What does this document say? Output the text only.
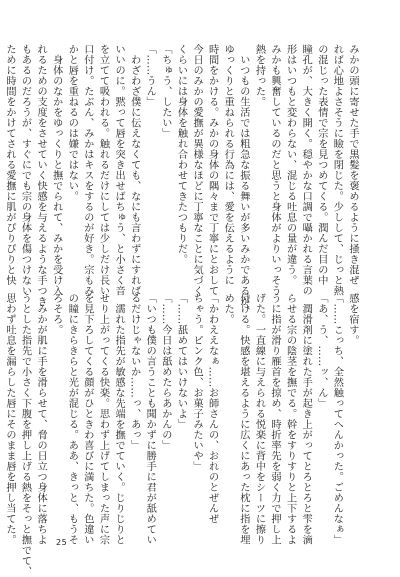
みかの頭に寄せた手で黒髪を褒めるように掻き混ぜ
れば心地よさそうに瞼を閉じた。少しして、じっと熱
の混じった表情で宗を見つめてくる。潤んだ目の中
瞳孔が、大きく開く。穏やかな口調で囁かれる言葉の
形はいつもと変わらない、混じる吐息の量が違う。
みかも興奮しているのだと思うと身体がよりいっそう
熱を持った。
　いつもの生活では粗急な振る舞いが多いみかであるが、
ゆっくりと重ねられる行為には、愛を伝えるように
時間をかける。みかの身体の隅々まで丁寧にとおして
今日のみかの愛撫が異様なほどに丁寧なことに気づく
くらいには身体を触れ合わせてきたつもりだ。
「ちゅう、したい」
「……うん」
　わざわざ僕に伝えなくても、なにも言わずにすれば
いいのに。黙って唇を突き出せばちゅう、と小さく音
を立てて吸われる。触れるだけにしては少しだけ長い
口付け。たぶん、みかはキスをするのが好き。宗もみ
かと唇を重ねるのは嫌ではない。
　身体のなかをゆっくりと撫でられて、みかを受け入
れるための支度をさせていく快感を与えるような手つき
もあるのだろうが、すぐにでも宗の身体を傷つけない
ために時間をかけてされる愛撫に肌がぴりぴりと快
感を宿す。
「……こっち、全然触ってへんかった。ごめんなぁ」
「あ、う、……ッ、ん」
　潤滑剤に塗れた手が起き上がってとろとろと雫を滴
らせる宗の陰茎を撫でる。幹をすりすりと上下するよ
うに指が滑り雁首を掠め、時折率先を弱く力で押し上
げた。一直線に与えられる悦楽に背中をシーツに擦り
付ける。快感を堪えるように広くにあった枕に指を埋
めた。
「かわええなぁ……お師さんの、おれのとぜんぜ
ちゃう。ピンク色、お菓子みたいや」
「……舐めてはいけないよ」
「……今日は舐めたらあかんの」
「いつも僕の言うことも聞かずに勝手に君が舐めてい
るだけじゃないか……っ、あっ」
　濡れた指先が敏感な先端を撫でていく。じりじりと
せり上がってくる快楽。思わず上げてしまった声に宗
を見下ろしてくる顔がひときわ喜びに満ちた。色違い
の瞳にきらきらと光が混じる。ああ、きっと、もうそ
ろそろ。
　みかが肌に手を滑らせて、脅の日立つ身体に落ちよ
うとした指先で小さく下腹を押し上げる熱をそっと撫でて、
思わず吐息を漏らした唇にそのまま唇を押し当てた。	25
